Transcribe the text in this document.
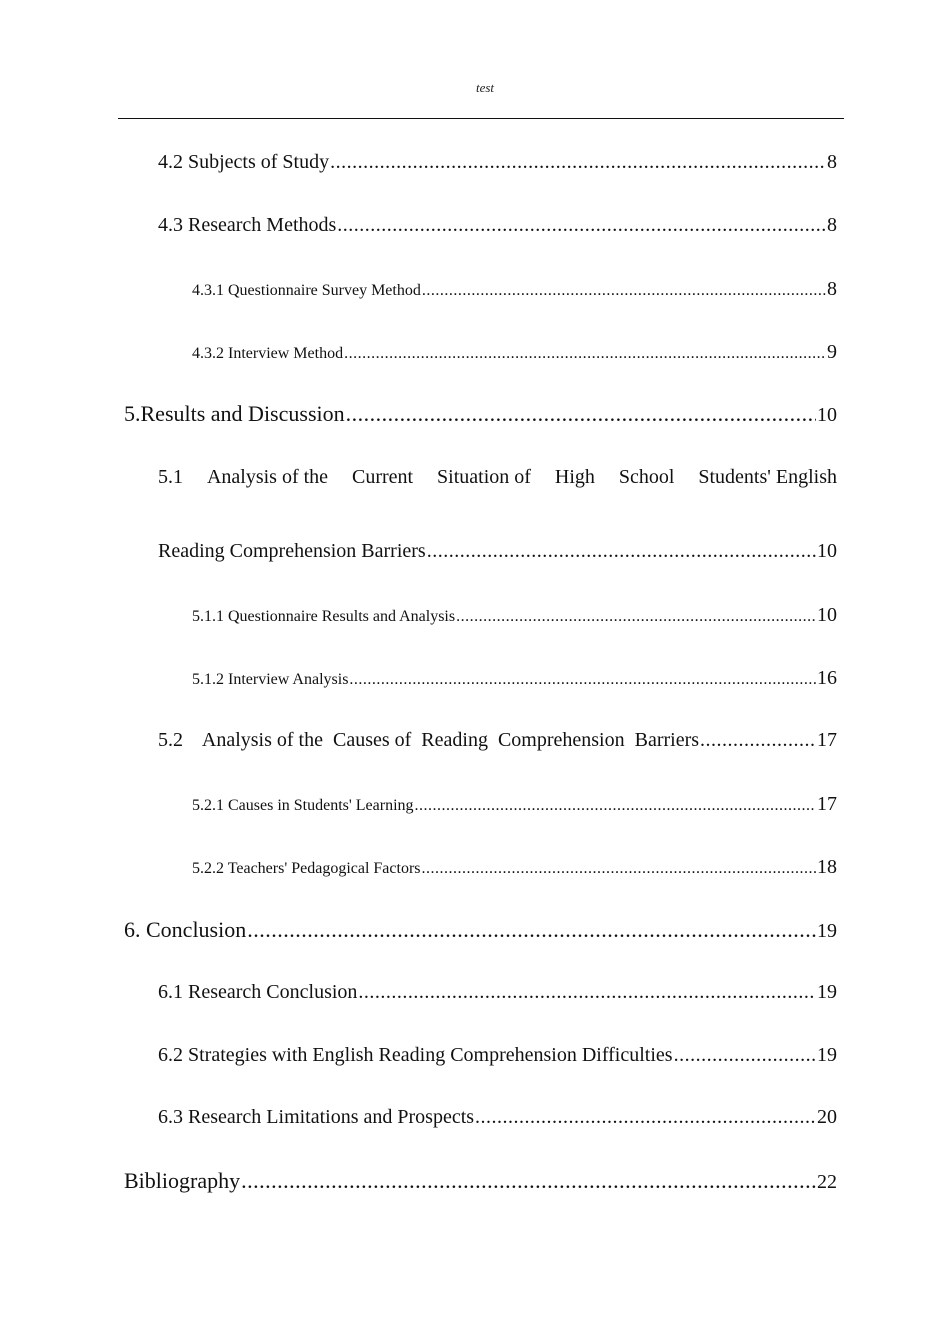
test
4.2 Subjects of Study .....	8
4.3 Research Methods .....	8
4.3.1 Questionnaire Survey Method .....	8
4.3.2 Interview Method .....	9
5.Results and Discussion .....	10
5.1 Analysis of the Current Situation of High School Students' English
Reading Comprehension Barriers .....	10
5.1.1 Questionnaire Results and Analysis .....	10
5.1.2 Interview Analysis .....	16
5.2    Analysis of the  Causes of  Reading  Comprehension  Barriers .....	17
5.2.1 Causes in Students' Learning .....	17
5.2.2 Teachers' Pedagogical Factors .....	18
6. Conclusion .....	19
6.1 Research Conclusion .....	19
6.2 Strategies with English Reading Comprehension Difficulties .....	19
6.3 Research Limitations and Prospects .....	20
Bibliography .....	22
